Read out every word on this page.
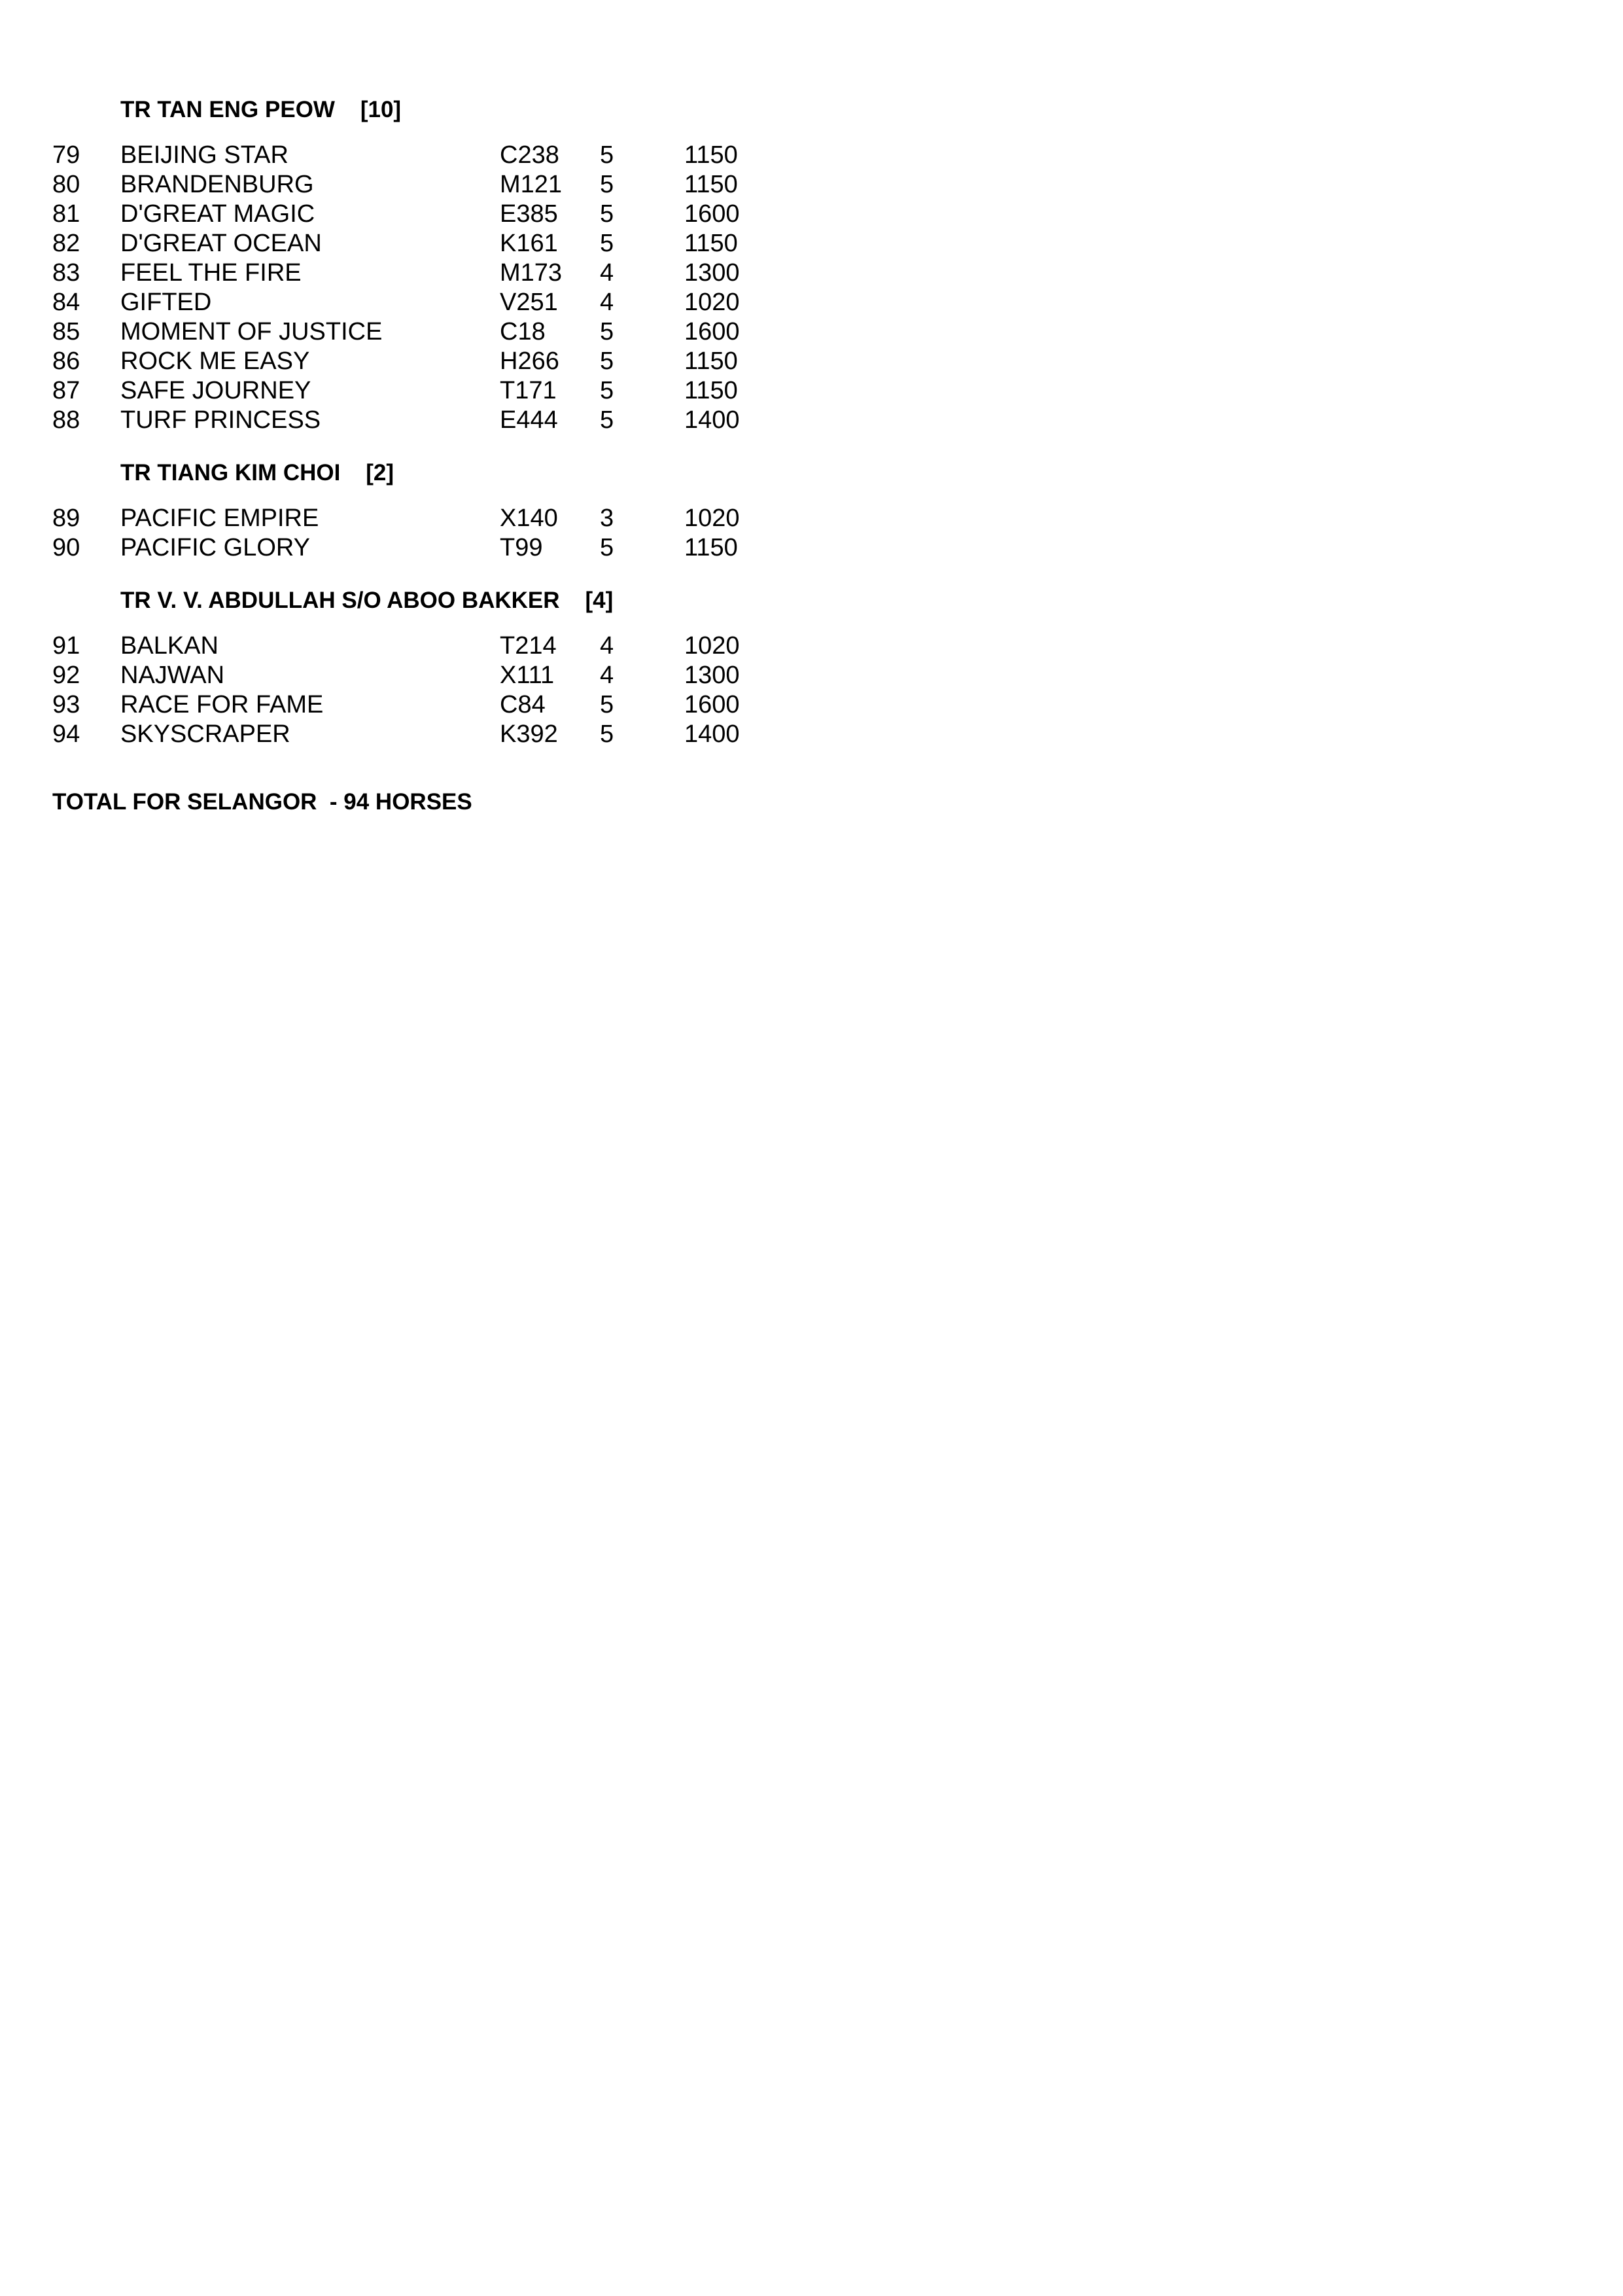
TR TAN ENG PEOW    [10]
79 BEIJING STAR	C238 5	1150
80 BRANDENBURG	M121 5	1150
81 D'GREAT MAGIC	E385 5	1600
82 D'GREAT OCEAN	K161 5	1150
83 FEEL THE FIRE	M173 4	1300
84 GIFTED	V251 4	1020
85 MOMENT OF JUSTICE	C18 5	1600
86 ROCK ME EASY	H266 5	1150
87 SAFE JOURNEY	T171 5	1150
88 TURF PRINCESS	E444 5	1400
TR TIANG KIM CHOI    [2]
89 PACIFIC EMPIRE	X140 3	1020
90 PACIFIC GLORY	T99 5	1150
TR V. V. ABDULLAH S/O ABOO BAKKER    [4]
91 BALKAN	T214 4	1020
92 NAJWAN	X111 4	1300
93 RACE FOR FAME	C84 5	1600
94 SKYSCRAPER	K392 5	1400
TOTAL FOR SELANGOR  - 94 HORSES
